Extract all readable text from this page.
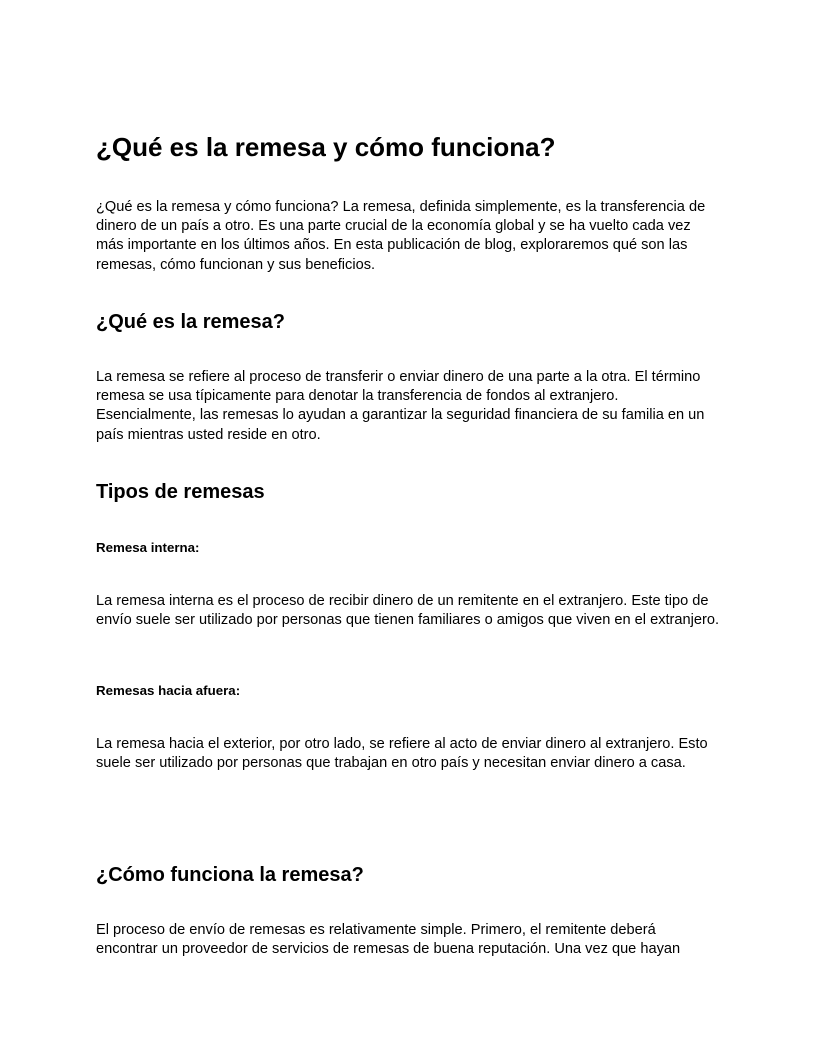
¿Qué es la remesa y cómo funciona?

¿Qué es la remesa y cómo funciona? La remesa, definida simplemente, es la transferencia de dinero de un país a otro. Es una parte crucial de la economía global y se ha vuelto cada vez más importante en los últimos años. En esta publicación de blog, exploraremos qué son las remesas, cómo funcionan y sus beneficios.

¿Qué es la remesa?

La remesa se refiere al proceso de transferir o enviar dinero de una parte a la otra. El término remesa se usa típicamente para denotar la transferencia de fondos al extranjero. Esencialmente, las remesas lo ayudan a garantizar la seguridad financiera de su familia en un país mientras usted reside en otro.

Tipos de remesas
Remesa interna:

La remesa interna es el proceso de recibir dinero de un remitente en el extranjero. Este tipo de envío suele ser utilizado por personas que tienen familiares o amigos que viven en el extranjero.

Remesas hacia afuera:

La remesa hacia el exterior, por otro lado, se refiere al acto de enviar dinero al extranjero. Esto suele ser utilizado por personas que trabajan en otro país y necesitan enviar dinero a casa.

¿Cómo funciona la remesa?

El proceso de envío de remesas es relativamente simple. Primero, el remitente deberá encontrar un proveedor de servicios de remesas de buena reputación. Una vez que hayan
